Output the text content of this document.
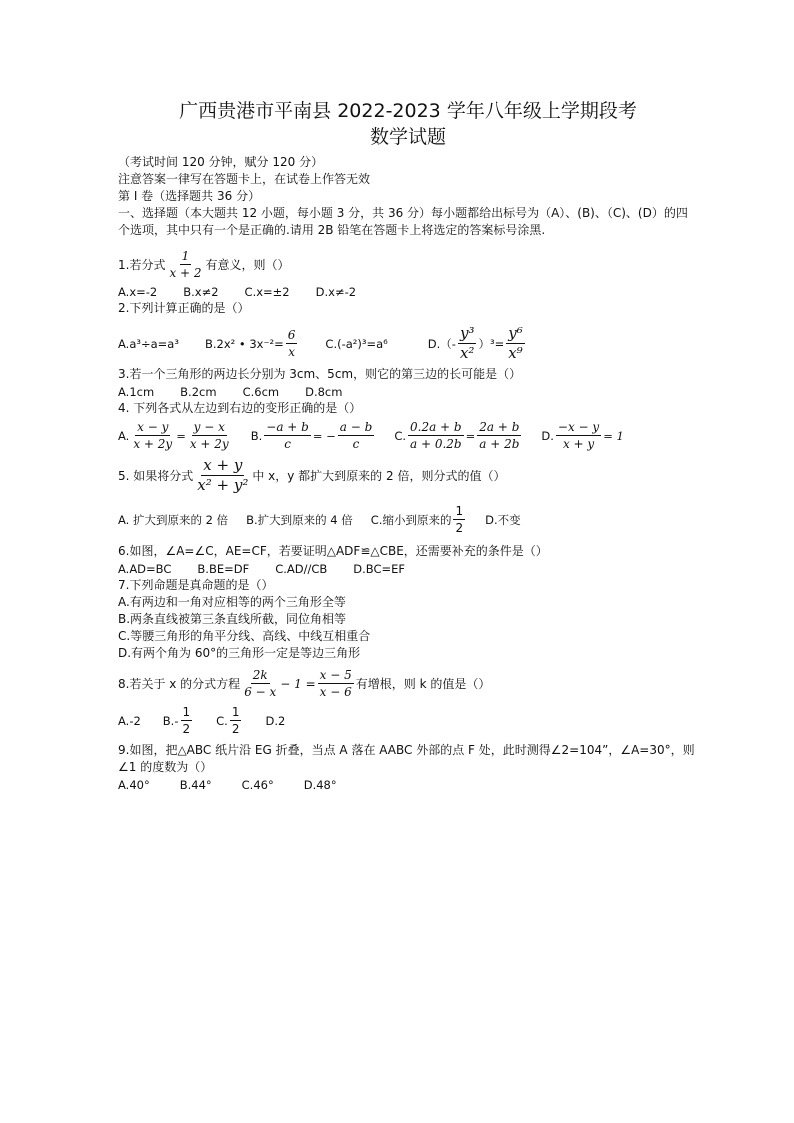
广西贵港市平南县 2022-2023 学年八年级上学期段考
数学试题
（考试时间 120 分钟，赋分 120 分）
注意答案一律写在答题卡上，在试卷上作答无效
第 I 卷（选择题共 36 分）
一、选择题（本大题共 12 小题，每小题 3 分，共 36 分）每小题都给出标号为（A）、(B)、（C)、(D）的四个选项，其中只有一个是正确的.请用 2B 铅笔在答题卡上将选定的答案标号涂黑.
1.若分式 $\frac{1}{x + 2}$ 有意义，则（）
A.x=-2 B.x≠2 C.x=±2 D.x≠-2
2.下列计算正确的是（）
A.a³÷a=a³ B.2x² • $3x^{-2}= \frac{6}{x} C.(-a^2)^3=a^6$	$D.(- \frac{\text{y³}}{\text{x²}} )^3= \frac{\text{y⁶}}{\text{x⁹}}$
3.若一个三角形的两边长分别为 3cm、5cm，则它的第三边的长可能是（）
A.1cm B.2cm C.6cm D.8cm
4. 下列各式从左边到右边的变形正确的是（）
A. $\frac{x - y}{x + 2y} = \frac{y - x}{x + 2y} B$. $\frac{-a + b}{c}$ = − $\frac{a - b}{c} C$. $\frac{0.2a + b}{a + 0.2b} = \frac{2a + b}{a + 2b} D$. $\frac{-x - y}{x + y} = 1$
5. 如果将分式 $\frac{x + y}{\text{x² + y²}}$ 中 x，y 都扩大到原来的 2 倍，则分式的值（）
A. 扩大到原来的 2 倍 B.扩大到原来的 4 倍 C.缩小到原来的 $\frac{1}{2} D$.不变
6.如图，∠A=∠C，AE=CF，若要证明△ADF≌△CBE，还需要补充的条件是（）
A.AD=BC B.BE=DF C.AD//CB D.BC=EF
7.下列命题是真命题的是（）
A.有两边和一角对应相等的两个三角形全等
B.两条直线被第三条直线所截，同位角相等
C.等腰三角形的角平分线、高线、中线互相重合
D.有两个角为 60°的三角形一定是等边三角形
8.若关于 x 的分式方程 $\frac{2k}{6 - x} - 1 = \frac{x - 5}{x - 6}$ 有增根，则 k 的值是（）
A.-2 $B.- \frac{1}{2} C$. $\frac{1}{2} D.2$
9.如图，把△ABC 纸片沿 EG 折叠，当点 A 落在 AABC 外部的点 F 处，此时测得∠2=104”，∠A=30°，则∠1 的度数为（）
A.40°	B.44°	C.46°	D.48°
